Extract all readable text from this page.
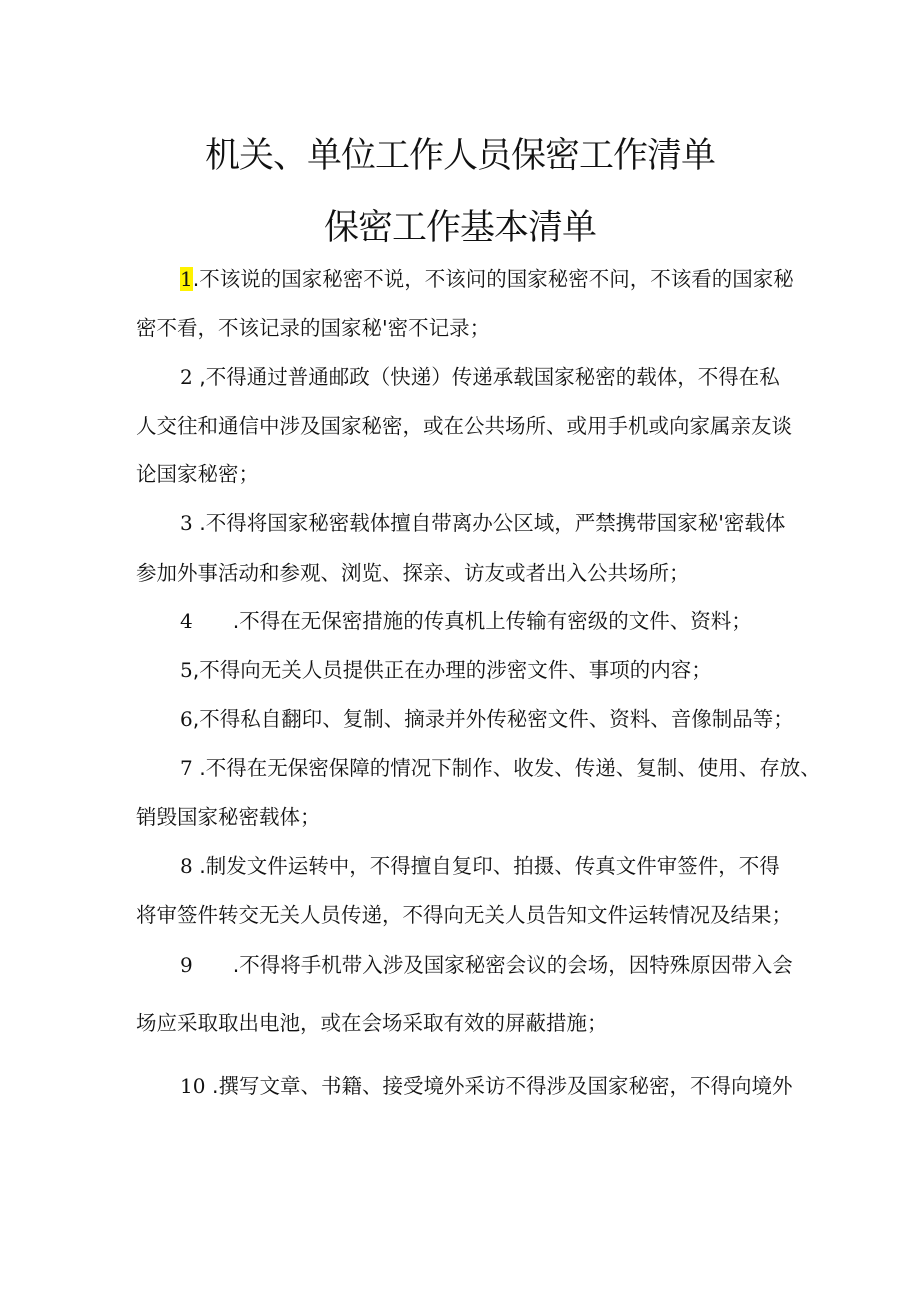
机关、单位工作人员保密工作清单
保密工作基本清单
1.不该说的国家秘密不说，不该问的国家秘密不问，不该看的国家秘
密不看，不该记录的国家秘'密不记录；
2 ,不得通过普通邮政（快递）传递承载国家秘密的载体，不得在私
人交往和通信中涉及国家秘密，或在公共场所、或用手机或向家属亲友谈
论国家秘密；
3 .不得将国家秘密载体擅自带离办公区域，严禁携带国家秘'密载体
参加外事活动和参观、浏览、探亲、访友或者出入公共场所；
4 .不得在无保密措施的传真机上传输有密级的文件、资料；
5,不得向无关人员提供正在办理的涉密文件、事项的内容；
6,不得私自翻印、复制、摘录并外传秘密文件、资料、音像制品等；
7 .不得在无保密保障的情况下制作、收发、传递、复制、使用、存放、
销毁国家秘密载体；
8 .制发文件运转中，不得擅自复印、拍摄、传真文件审签件，不得
将审签件转交无关人员传递，不得向无关人员告知文件运转情况及结果；
9 .不得将手机带入涉及国家秘密会议的会场，因特殊原因带入会
场应采取取出电池，或在会场采取有效的屏蔽措施；
10 .撰写文章、书籍、接受境外采访不得涉及国家秘密，不得向境外
